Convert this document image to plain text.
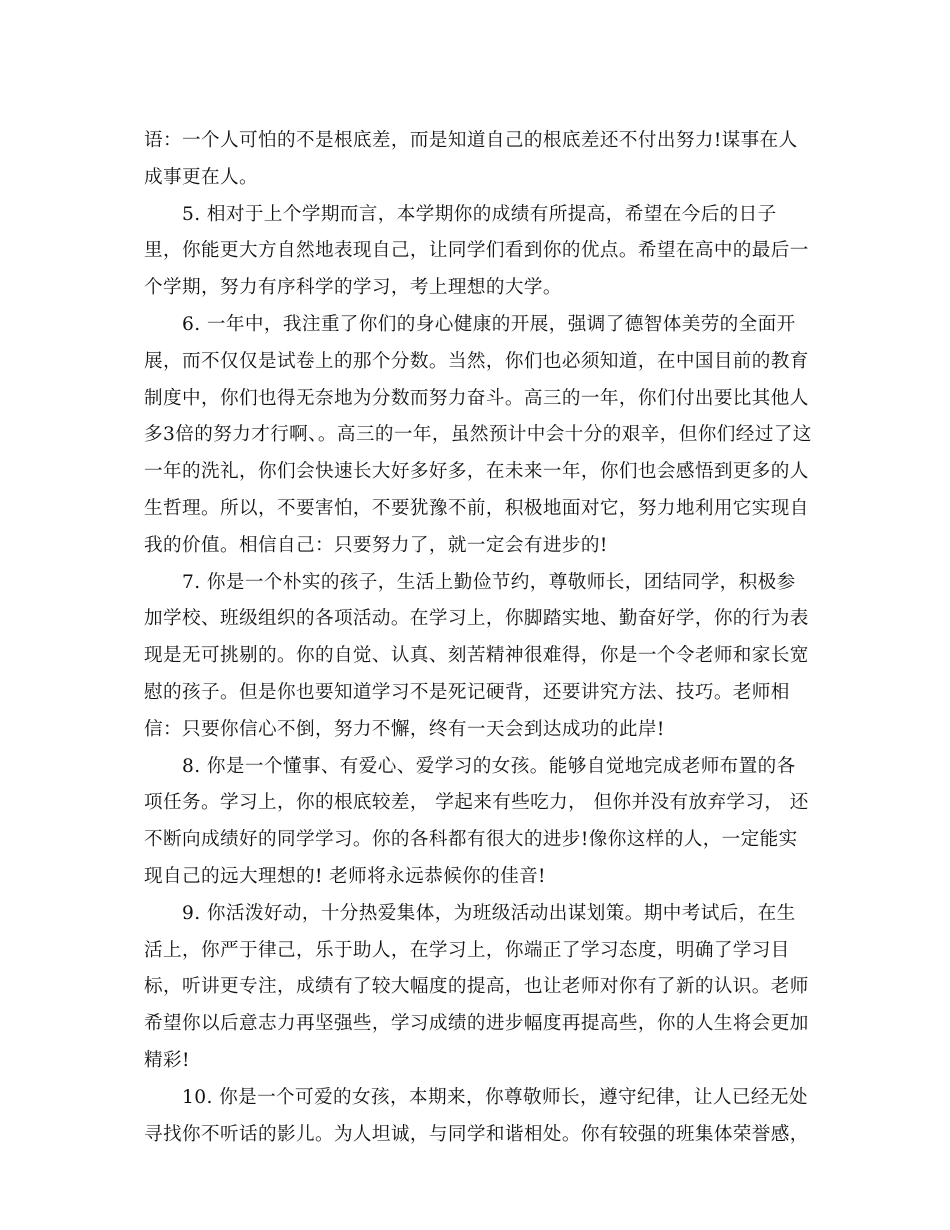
语：一个人可怕的不是根底差，而是知道自己的根底差还不付出努力!谋事在人成事更在人。

5. 相对于上个学期而言，本学期你的成绩有所提高，希望在今后的日子里，你能更大方自然地表现自己，让同学们看到你的优点。希望在高中的最后一个学期，努力有序科学的学习，考上理想的大学。

6. 一年中，我注重了你们的身心健康的开展，强调了德智体美劳的全面开展，而不仅仅是试卷上的那个分数。当然，你们也必须知道，在中国目前的教育制度中，你们也得无奈地为分数而努力奋斗。高三的一年，你们付出要比其他人多3倍的努力才行啊、。高三的一年，虽然预计中会十分的艰辛，但你们经过了这一年的洗礼，你们会快速长大好多好多，在未来一年，你们也会感悟到更多的人生哲理。所以，不要害怕，不要犹豫不前，积极地面对它，努力地利用它实现自我的价值。相信自己：只要努力了，就一定会有进步的!

7. 你是一个朴实的孩子，生活上勤俭节约，尊敬师长，团结同学，积极参加学校、班级组织的各项活动。在学习上，你脚踏实地、勤奋好学，你的行为表现是无可挑剔的。你的自觉、认真、刻苦精神很难得，你是一个令老师和家长宽慰的孩子。但是你也要知道学习不是死记硬背，还要讲究方法、技巧。老师相信：只要你信心不倒，努力不懈，终有一天会到达成功的此岸!

8. 你是一个懂事、有爱心、爱学习的女孩。能够自觉地完成老师布置的各项任务。学习上，你的根底较差， 学起来有些吃力， 但你并没有放弃学习， 还不断向成绩好的同学学习。你的各科都有很大的进步!像你这样的人，一定能实现自己的远大理想的! 老师将永远恭候你的佳音!

9. 你活泼好动，十分热爱集体，为班级活动出谋划策。期中考试后，在生活上，你严于律己，乐于助人，在学习上，你端正了学习态度，明确了学习目标，听讲更专注，成绩有了较大幅度的提高，也让老师对你有了新的认识。老师希望你以后意志力再坚强些，学习成绩的进步幅度再提高些，你的人生将会更加精彩!

10. 你是一个可爱的女孩，本期来，你尊敬师长，遵守纪律，让人已经无处寻找你不听话的影儿。为人坦诚，与同学和谐相处。你有较强的班集体荣誉感，
